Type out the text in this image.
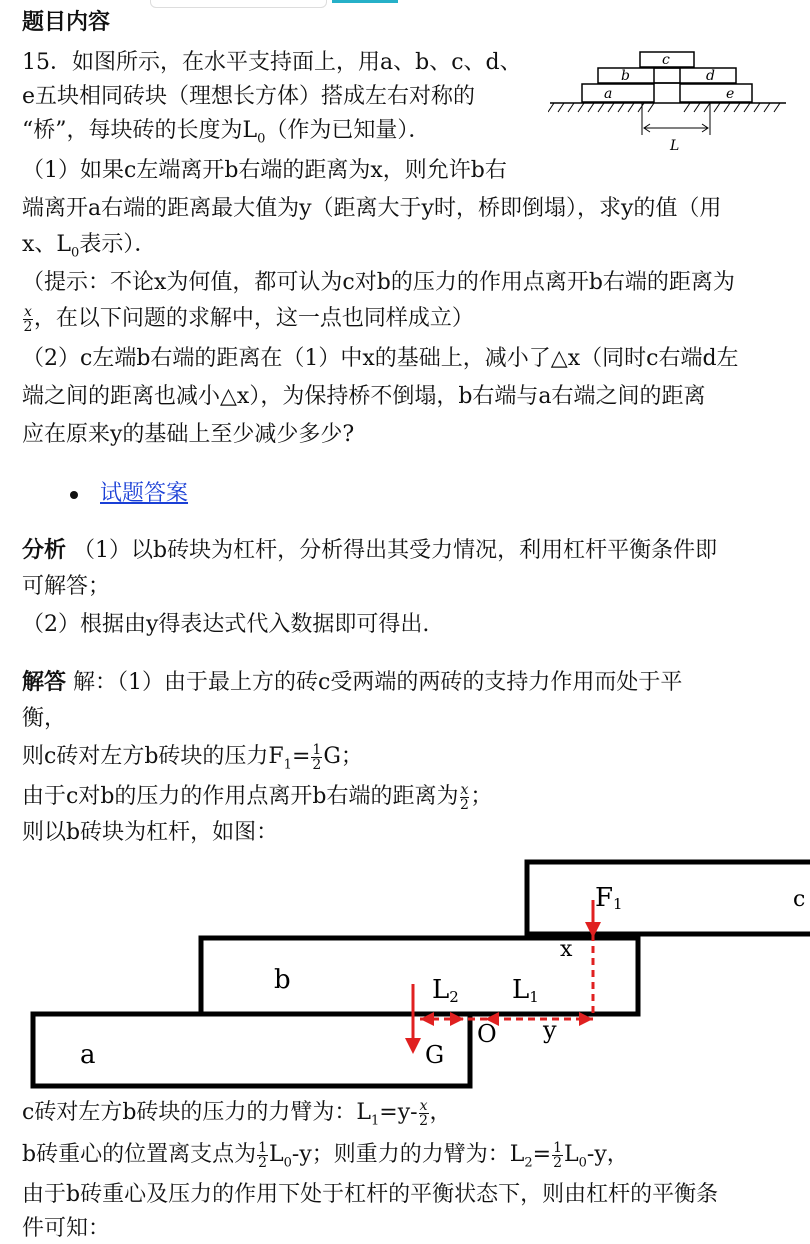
题目内容
15．如图所示，在水平支持面上，用a、b、c、d、
e五块相同砖块（理想长方体）搭成左右对称的
“桥”，每块砖的长度为$L_0$（作为已知量）．
c
b	d
a	e
L
（1）如果c左端离开b右端的距离为x，则允许b右
端离开a右端的距离最大值为y（距离大于y时，桥即倒塌），求y的值（用
x、$L_0$表示）．
（提示：不论x为何值，都可认为c对b的压力的作用点离开b右端的距离为
$\frac{x}{2}$ ，在以下问题的求解中，这一点也同样成立）
（2）c左端b右端的距离在（1）中x的基础上，减小了△x（同时c右端d左
端之间的距离也减小△x），为保持桥不倒塌，b右端与a右端之间的距离
应在原来y的基础上至少减少多少?
试题答案
分析 （1）以b砖块为杠杆，分析得出其受力情况，利用杠杆平衡条件即
可解答；
（2）根据由y得表达式代入数据即可得出.
解答 解：（1）由于最上方的砖c受两端的两砖的支持力作用而处于平
衡，
则c砖对左方b砖块的压力$F_1= \frac{1}{2}$ G；
由于c对b的压力的作用点离开b右端的距离为 $\frac{x}{2}$ ；
则以b砖块为杠杆，如图：
F1
x
b	L2 L1
O y
a	G
c
c砖对左方b砖块的压力的力臂为：$L_1=y- \frac{x}{2}$ ，
b砖重心的位置离支点为 $\frac{1}{2} L_0-y$；则重力的力臂为：$L_2= \frac{1}{2} L_0-y$，
由于b砖重心及压力的作用下处于杠杆的平衡状态下，则由杠杆的平衡条
件可知：
